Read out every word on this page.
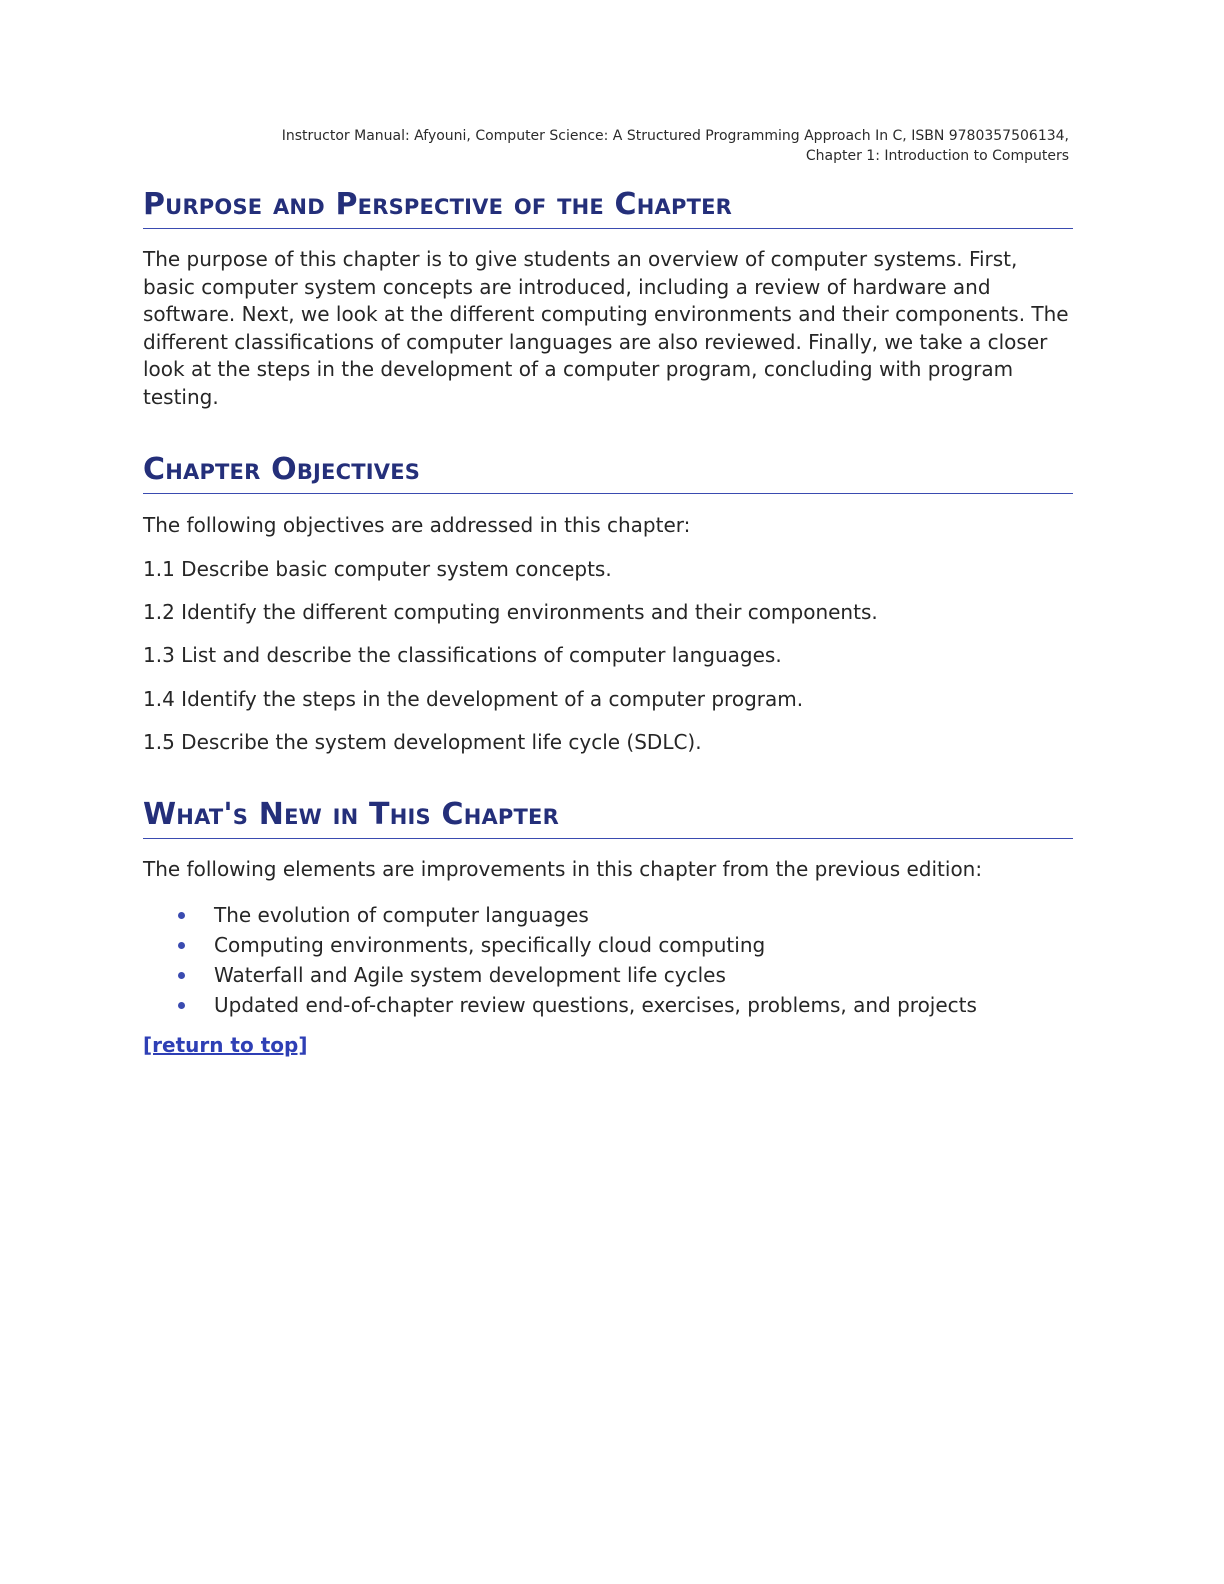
Instructor Manual: Afyouni, Computer Science: A Structured Programming Approach In C, ISBN 9780357506134,
Chapter 1: Introduction to Computers
Purpose and Perspective of the Chapter

The purpose of this chapter is to give students an overview of computer systems. First, basic computer system concepts are introduced, including a review of hardware and software. Next, we look at the different computing environments and their components. The different classifications of computer languages are also reviewed. Finally, we take a closer look at the steps in the development of a computer program, concluding with program testing.

Chapter Objectives

The following objectives are addressed in this chapter:

1.1 Describe basic computer system concepts.

1.2 Identify the different computing environments and their components.

1.3 List and describe the classifications of computer languages.

1.4 Identify the steps in the development of a computer program.

1.5 Describe the system development life cycle (SDLC).

What's New in This Chapter

The following elements are improvements in this chapter from the previous edition:

The evolution of computer languages
Computing environments, specifically cloud computing
Waterfall and Agile system development life cycles
Updated end-of-chapter review questions, exercises, problems, and projects
[return to top]
